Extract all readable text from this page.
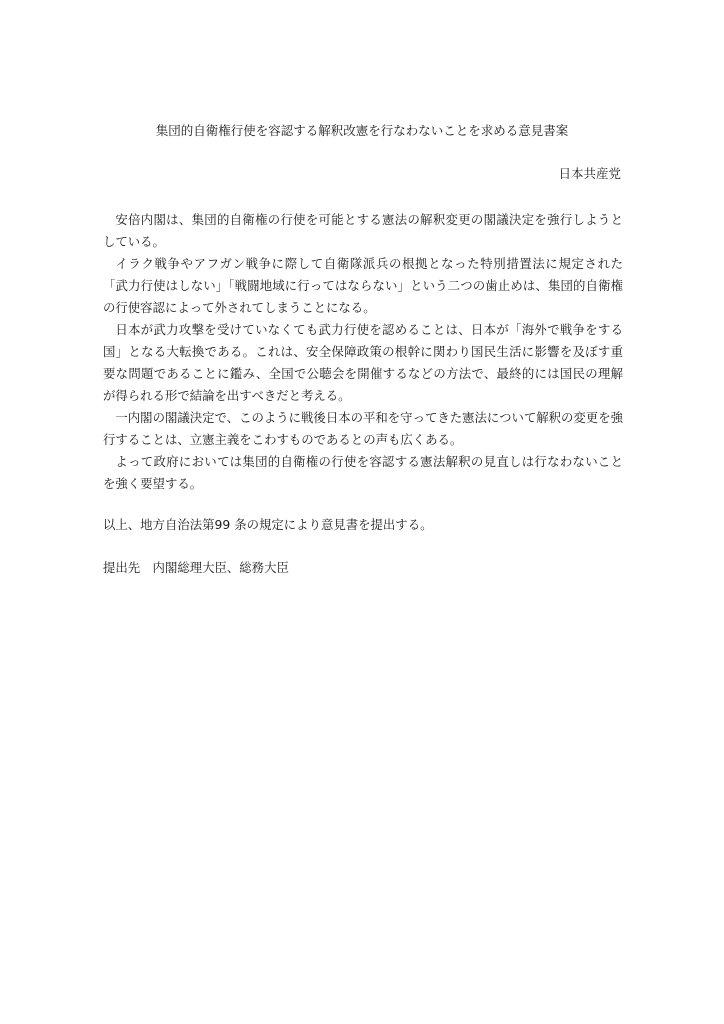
集団的自衛権行使を容認する解釈改憲を行なわないことを求める意見書案
日本共産党

安倍内閣は、集団的自衛権の行使を可能とする憲法の解釈変更の閣議決定を強行しようとしている。

イラク戦争やアフガン戦争に際して自衛隊派兵の根拠となった特別措置法に規定された「武力行使はしない」「戦闘地域に行ってはならない」という二つの歯止めは、集団的自衛権の行使容認によって外されてしまうことになる。

日本が武力攻撃を受けていなくても武力行使を認めることは、日本が「海外で戦争をする国」となる大転換である。これは、安全保障政策の根幹に関わり国民生活に影響を及ぼす重要な問題であることに鑑み、全国で公聴会を開催するなどの方法で、最終的には国民の理解が得られる形で結論を出すべきだと考える。

一内閣の閣議決定で、このように戦後日本の平和を守ってきた憲法について解釈の変更を強行することは、立憲主義をこわすものであるとの声も広くある。

よって政府においては集団的自衛権の行使を容認する憲法解釈の見直しは行なわないことを強く要望する。

以上、地方自治法第99 条の規定により意見書を提出する。
提出先　内閣総理大臣、総務大臣
